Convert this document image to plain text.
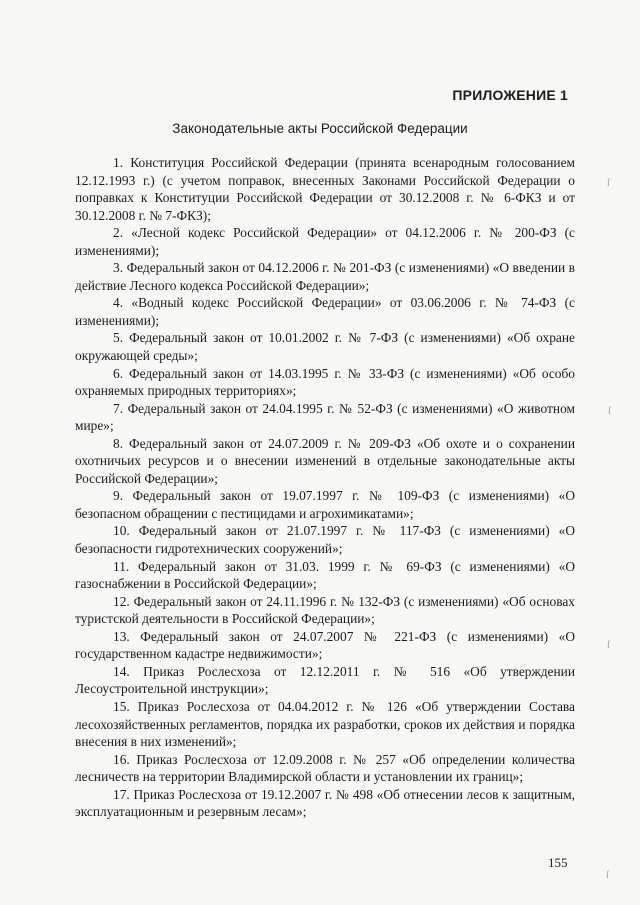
ПРИЛОЖЕНИЕ 1
Законодательные акты Российской Федерации

1. Конституция Российской Федерации (принята всенародным голосованием 12.12.1993 г.) (с учетом поправок, внесенных Законами Российской Федерации о поправках к Конституции Российской Федерации от 30.12.2008 г. № 6-ФКЗ и от 30.12.2008 г. № 7-ФКЗ);

2. «Лесной кодекс Российской Федерации» от 04.12.2006 г. № 200-ФЗ (с изменениями);

3. Федеральный закон от 04.12.2006 г. № 201-ФЗ (с изменениями) «О введении в действие Лесного кодекса Российской Федерации»;

4. «Водный кодекс Российской Федерации» от 03.06.2006 г. № 74-ФЗ (с изменениями);

5. Федеральный закон от 10.01.2002 г. № 7-ФЗ (с изменениями) «Об охране окружающей среды»;

6. Федеральный закон от 14.03.1995 г. № 33-ФЗ (с изменениями) «Об особо охраняемых природных территориях»;

7. Федеральный закон от 24.04.1995 г. № 52-ФЗ (с изменениями) «О животном мире»;

8. Федеральный закон от 24.07.2009 г. № 209-ФЗ «Об охоте и о сохранении охотничьих ресурсов и о внесении изменений в отдельные законодательные акты Российской Федерации»;

9. Федеральный закон от 19.07.1997 г. № 109-ФЗ (с изменениями) «О безопасном обращении с пестицидами и агрохимикатами»;

10. Федеральный закон от 21.07.1997 г. № 117-ФЗ (с изменениями) «О безопасности гидротехнических сооружений»;

11. Федеральный закон от 31.03. 1999 г. № 69-ФЗ (с изменениями) «О газоснабжении в Российской Федерации»;

12. Федеральный закон от 24.11.1996 г. № 132-ФЗ (с изменениями) «Об основах туристской деятельности в Российской Федерации»;

13. Федеральный закон от 24.07.2007 № 221-ФЗ (с изменениями) «О государственном кадастре недвижимости»;

14. Приказ Рослесхоза от 12.12.2011 г. № 516 «Об утверждении Лесоустроительной инструкции»;

15. Приказ Рослесхоза от 04.04.2012 г. № 126 «Об утверждении Состава лесохозяйственных регламентов, порядка их разработки, сроков их действия и порядка внесения в них изменений»;

16. Приказ Рослесхоза от 12.09.2008 г. № 257 «Об определении количества лесничеств на территории Владимирской области и установлении их границ»;

17. Приказ Рослесхоза от 19.12.2007 г. № 498 «Об отнесении лесов к защитным, эксплуатационным и резервным лесам»;

155
ſ
ſ
ſ
ſ
